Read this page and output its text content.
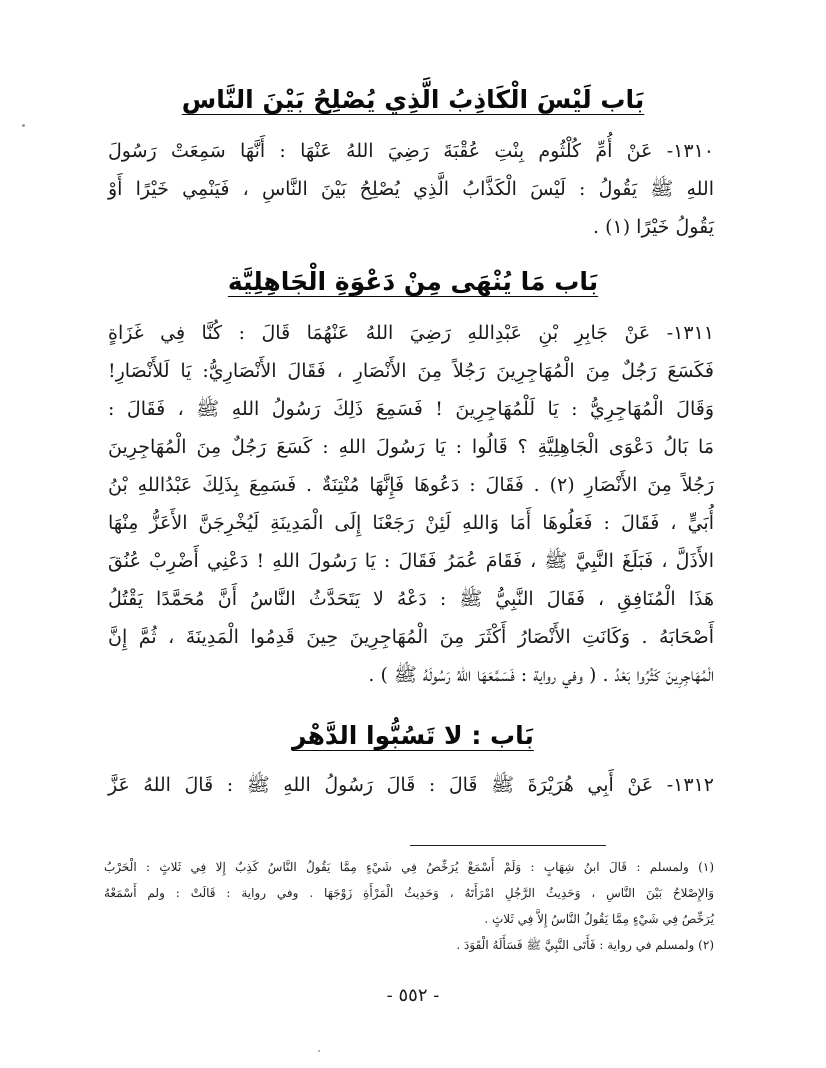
بَاب لَيْسَ الْكَاذِبُ الَّذِي يُصْلِحُ بَيْنَ النَّاس
١٣١٠- عَنْ أُمِّ كُلْثُوم بِنْتِ عُقْبَةَ رَضِيَ اللهُ عَنْهَا : أَنَّهَا سَمِعَتْ رَسُولَ
اللهِ ﷺ يَقُولُ : لَيْسَ الْكَذَّابُ الَّذِي يُصْلِحُ بَيْنَ النَّاسِ ، فَيَنْمِي خَيْرًا أَوْ
يَقُولُ خَيْرًا (١) .
بَاب مَا يُنْهَى مِنْ دَعْوَةِ الْجَاهِلِيَّة
١٣١١- عَنْ جَابِرِ بْنِ عَبْدِاللهِ رَضِيَ اللهُ عَنْهُمَا قَالَ : كُنَّا فِي غَزَاةٍ
فَكَسَعَ رَجُلٌ مِنَ الْمُهَاجِرِينَ رَجُلاً مِنَ الأَنْصَارِ ، فَقَالَ الأَنْصَارِيُّ: يَا لَلأَنْصَارِ!
وَقَالَ الْمُهَاجِرِيُّ : يَا لَلْمُهَاجِرِينَ ! فَسَمِعَ ذَلِكَ رَسُولُ اللهِ ﷺ ، فَقَالَ :
مَا بَالُ دَعْوَى الْجَاهِلِيَّةِ ؟ قَالُوا : يَا رَسُولَ اللهِ : كَسَعَ رَجُلٌ مِنَ الْمُهَاجِرِينَ
رَجُلاً مِنَ الأَنْصَارِ (٢) . فَقَالَ : دَعُوهَا فَإِنَّهَا مُنْتِنَةٌ . فَسَمِعَ بِذَلِكَ عَبْدُاللهِ بْنُ
أُبَيٍّ ، فَقَالَ : فَعَلُوهَا أَمَا وَاللهِ لَئِنْ رَجَعْنَا إِلَى الْمَدِينَةِ لَيُخْرِجَنَّ الأَعَزُّ مِنْهَا
الأَذَلَّ ، فَبَلَغَ النَّبِيَّ ﷺ ، فَقَامَ عُمَرُ فَقَالَ : يَا رَسُولَ اللهِ ! دَعْنِي أَضْرِبْ عُنُقَ
هَذَا الْمُنَافِقِ ، فَقَالَ النَّبِيُّ ﷺ : دَعْهُ لا يَتَحَدَّثُ النَّاسُ أَنَّ مُحَمَّدًا يَقْتُلُ
أَصْحَابَهُ . وَكَانَتِ الأَنْصَارُ أَكْثَرَ مِنَ الْمُهَاجِرِينَ حِينَ قَدِمُوا الْمَدِينَةَ ، ثُمَّ إِنَّ
الْمُهَاجِرِينَ كَثُرُوا بَعْدُ . ( وفي رواية : فَسَمَّعَهَا اللهُ رَسُولَهُ ﷺ ) .
بَاب : لا تَسُبُّوا الدَّهْر
١٣١٢- عَنْ أَبِي هُرَيْرَةَ ﷺ قَالَ : قَالَ رَسُولُ اللهِ ﷺ : قَالَ اللهُ عَزَّ
(١) ولمسلم : قَالَ ابنُ شِهَابٍ : وَلَمْ أَسْمَعْ يُرَخِّصُ فِي شَيْءٍ مِمَّا يَقُولُ النَّاسُ كَذِبٌ إِلا فِي ثَلاثٍ : الْحَرْبُ
وَالإِصْلاحُ بَيْنَ النَّاسِ ، وَحَدِيثُ الرَّجُلِ امْرَأَتَهُ ، وَحَدِيثُ الْمَرْأَةِ زَوْجَهَا . وفي رواية : قَالَتْ : ولم أَسْمَعْهُ
يُرَخِّصُ فِي شَيْءٍ مِمَّا يَقُولُ النَّاسُ إِلاَّ فِي ثَلاثٍ .
(٢) ولمسلم في رواية : فَأَتَى النَّبِيَّ ﷺ فَسَأَلَهُ الْقَوَدَ .
- ٥٥٢ -
